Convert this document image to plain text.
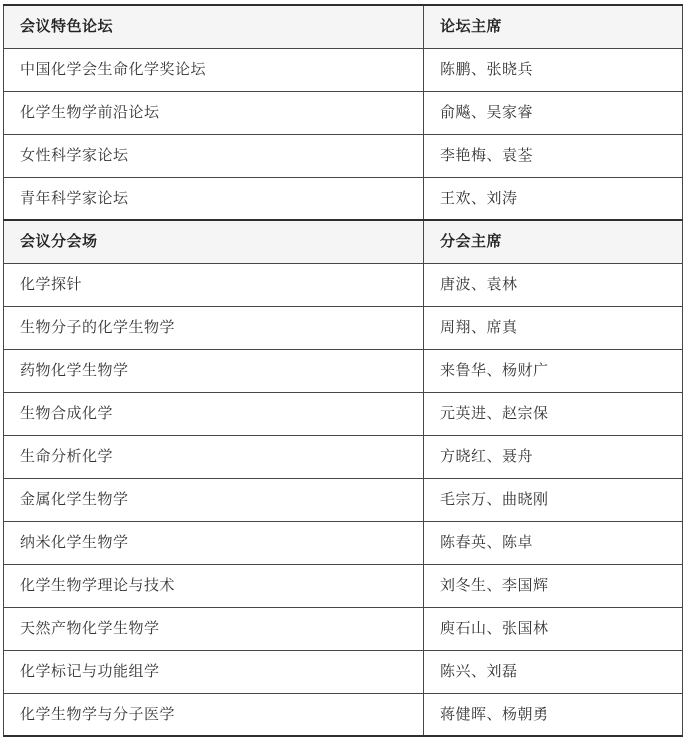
会议特色论坛	论坛主席
中国化学会生命化学奖论坛	陈鹏、张晓兵
化学生物学前沿论坛	俞飚、吴家睿
女性科学家论坛	李艳梅、袁荃
青年科学家论坛	王欢、刘涛
会议分会场	分会主席
化学探针	唐波、袁林
生物分子的化学生物学	周翔、席真
药物化学生物学	来鲁华、杨财广
生物合成化学	元英进、赵宗保
生命分析化学	方晓红、聂舟
金属化学生物学	毛宗万、曲晓刚
纳米化学生物学	陈春英、陈卓
化学生物学理论与技术	刘冬生、李国辉
天然产物化学生物学	庾石山、张国林
化学标记与功能组学	陈兴、刘磊
化学生物学与分子医学	蒋健晖、杨朝勇
